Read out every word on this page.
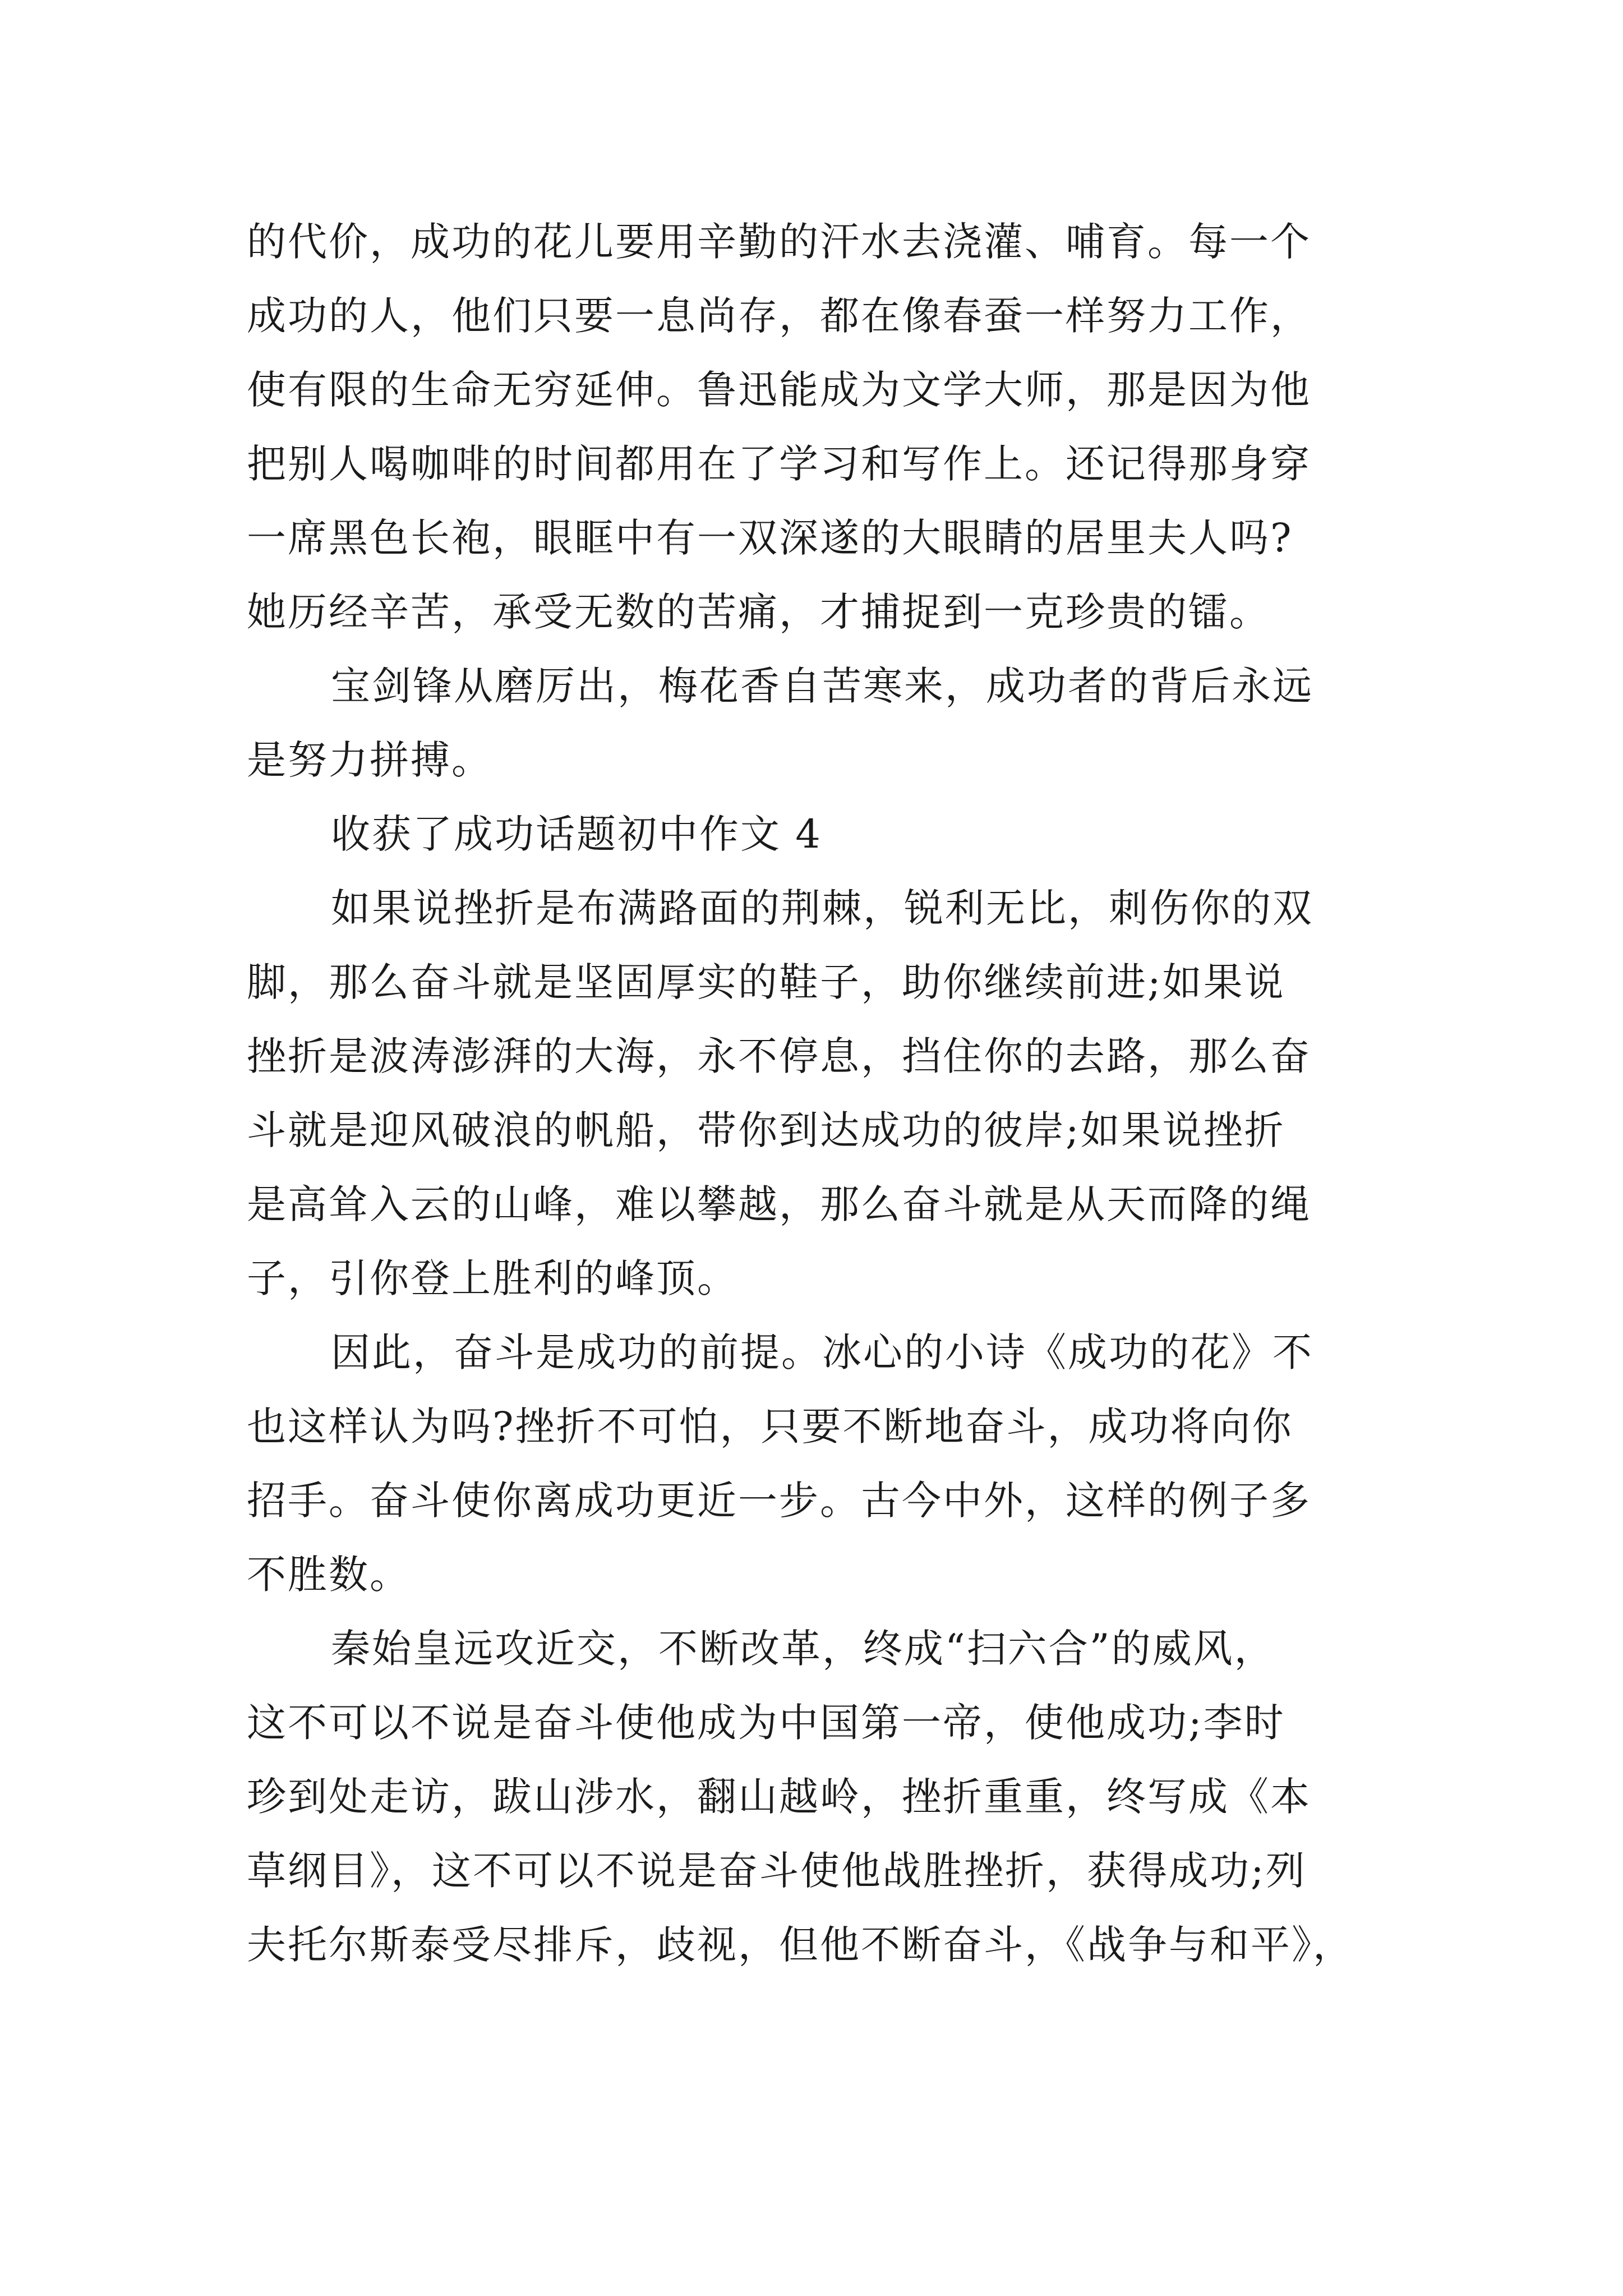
的代价，成功的花儿要用辛勤的汗水去浇灌、哺育。每一个
成功的人，他们只要一息尚存，都在像春蚕一样努力工作，
使有限的生命无穷延伸。鲁迅能成为文学大师，那是因为他
把别人喝咖啡的时间都用在了学习和写作上。还记得那身穿
一席黑色长袍，眼眶中有一双深遂的大眼睛的居里夫人吗?
她历经辛苦，承受无数的苦痛，才捕捉到一克珍贵的镭。
宝剑锋从磨厉出，梅花香自苦寒来，成功者的背后永远
是努力拼搏。
收获了成功话题初中作文 4
如果说挫折是布满路面的荆棘，锐利无比，刺伤你的双
脚，那么奋斗就是坚固厚实的鞋子，助你继续前进;如果说
挫折是波涛澎湃的大海，永不停息，挡住你的去路，那么奋
斗就是迎风破浪的帆船，带你到达成功的彼岸;如果说挫折
是高耸入云的山峰，难以攀越，那么奋斗就是从天而降的绳
子，引你登上胜利的峰顶。
因此，奋斗是成功的前提。冰心的小诗《成功的花》不
也这样认为吗?挫折不可怕，只要不断地奋斗，成功将向你
招手。奋斗使你离成功更近一步。古今中外，这样的例子多
不胜数。
秦始皇远攻近交，不断改革，终成“扫六合”的威风，
这不可以不说是奋斗使他成为中国第一帝，使他成功;李时
珍到处走访，跋山涉水，翻山越岭，挫折重重，终写成《本
草纲目》，这不可以不说是奋斗使他战胜挫折，获得成功;列
夫托尔斯泰受尽排斥，歧视，但他不断奋斗，《战争与和平》，
